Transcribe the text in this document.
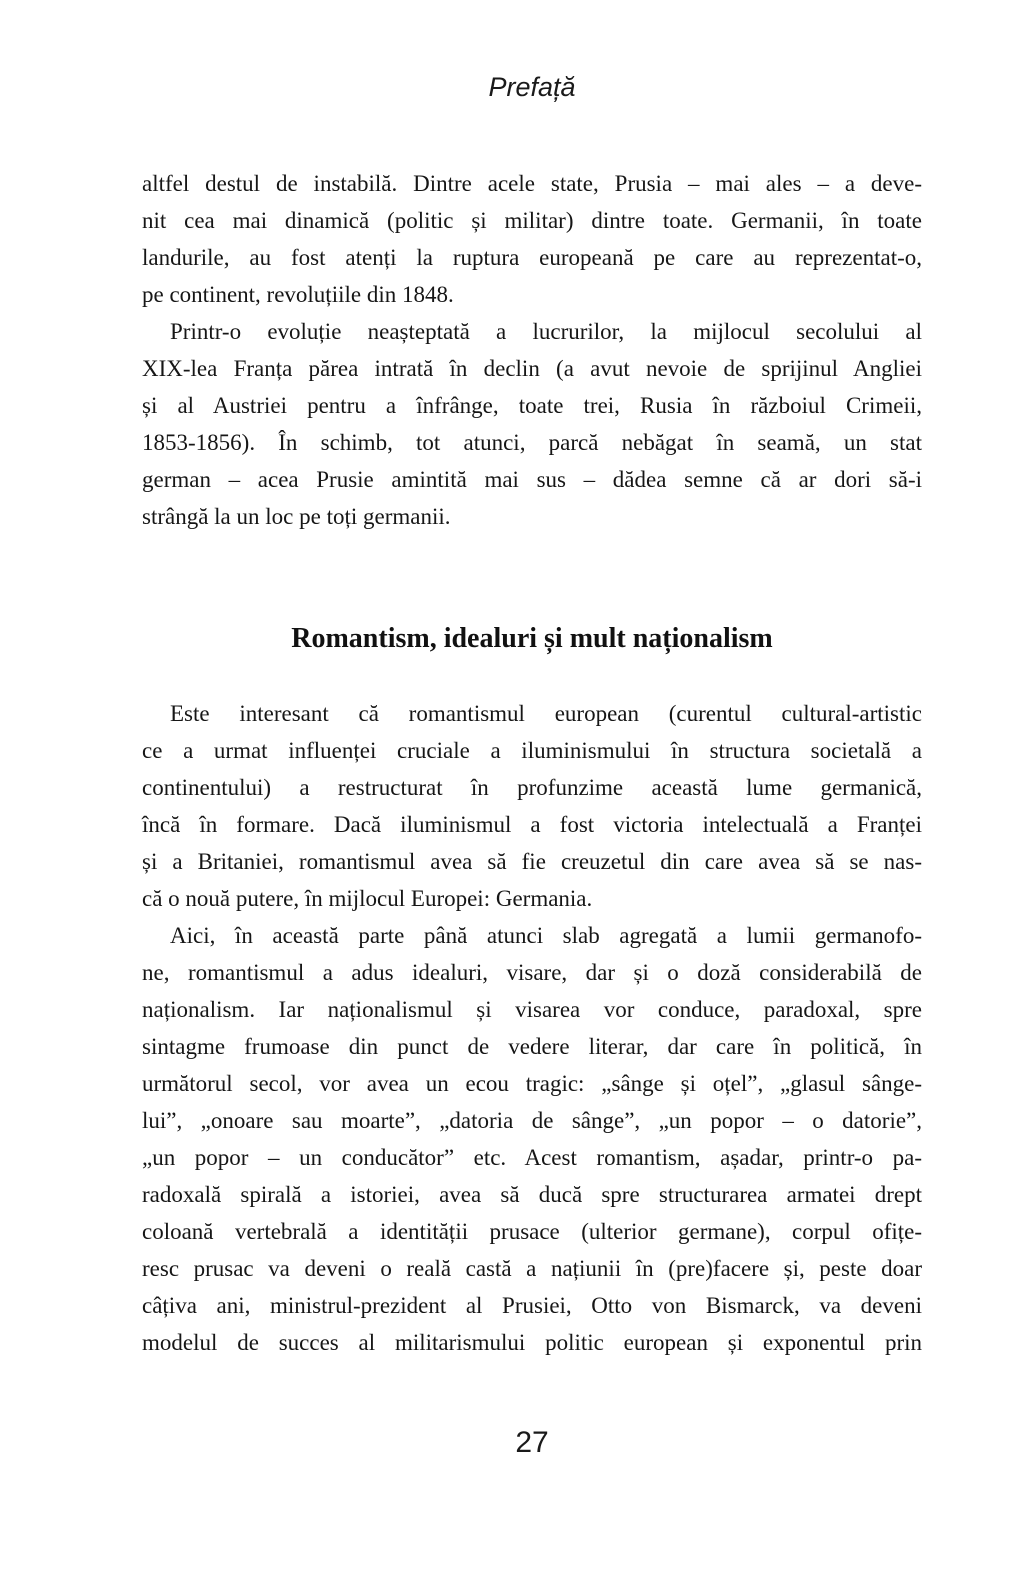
Prefață
altfel destul de instabilă. Dintre acele state, Prusia – mai ales – a deve-
nit cea mai dinamică (politic și militar) dintre toate. Germanii, în toate
landurile, au fost atenți la ruptura europeană pe care au reprezentat-o,
pe continent, revoluțiile din 1848.
Printr-o evoluție neașteptată a lucrurilor, la mijlocul secolului al
XIX-lea Franța părea intrată în declin (a avut nevoie de sprijinul Angliei
și al Austriei pentru a înfrânge, toate trei, Rusia în războiul Crimeii,
1853-1856). În schimb, tot atunci, parcă nebăgat în seamă, un stat
german – acea Prusie amintită mai sus – dădea semne că ar dori să-i
strângă la un loc pe toți germanii.
Romantism, idealuri și mult naționalism
Este interesant că romantismul european (curentul cultural-artistic
ce a urmat influenței cruciale a iluminismului în structura societală a
continentului) a restructurat în profunzime această lume germanică,
încă în formare. Dacă iluminismul a fost victoria intelectuală a Franței
și a Britaniei, romantismul avea să fie creuzetul din care avea să se nas-
că o nouă putere, în mijlocul Europei: Germania.
Aici, în această parte până atunci slab agregată a lumii germanofo-
ne, romantismul a adus idealuri, visare, dar și o doză considerabilă de
naționalism. Iar naționalismul și visarea vor conduce, paradoxal, spre
sintagme frumoase din punct de vedere literar, dar care în politică, în
următorul secol, vor avea un ecou tragic: „sânge și oțel”, „glasul sânge-
lui”, „onoare sau moarte”, „datoria de sânge”, „un popor – o datorie”,
„un popor – un conducător” etc. Acest romantism, așadar, printr-o pa-
radoxală spirală a istoriei, avea să ducă spre structurarea armatei drept
coloană vertebrală a identității prusace (ulterior germane), corpul ofițe-
resc prusac va deveni o reală castă a națiunii în (pre)facere și, peste doar
câțiva ani, ministrul-prezident al Prusiei, Otto von Bismarck, va deveni
modelul de succes al militarismului politic european și exponentul prin
27
